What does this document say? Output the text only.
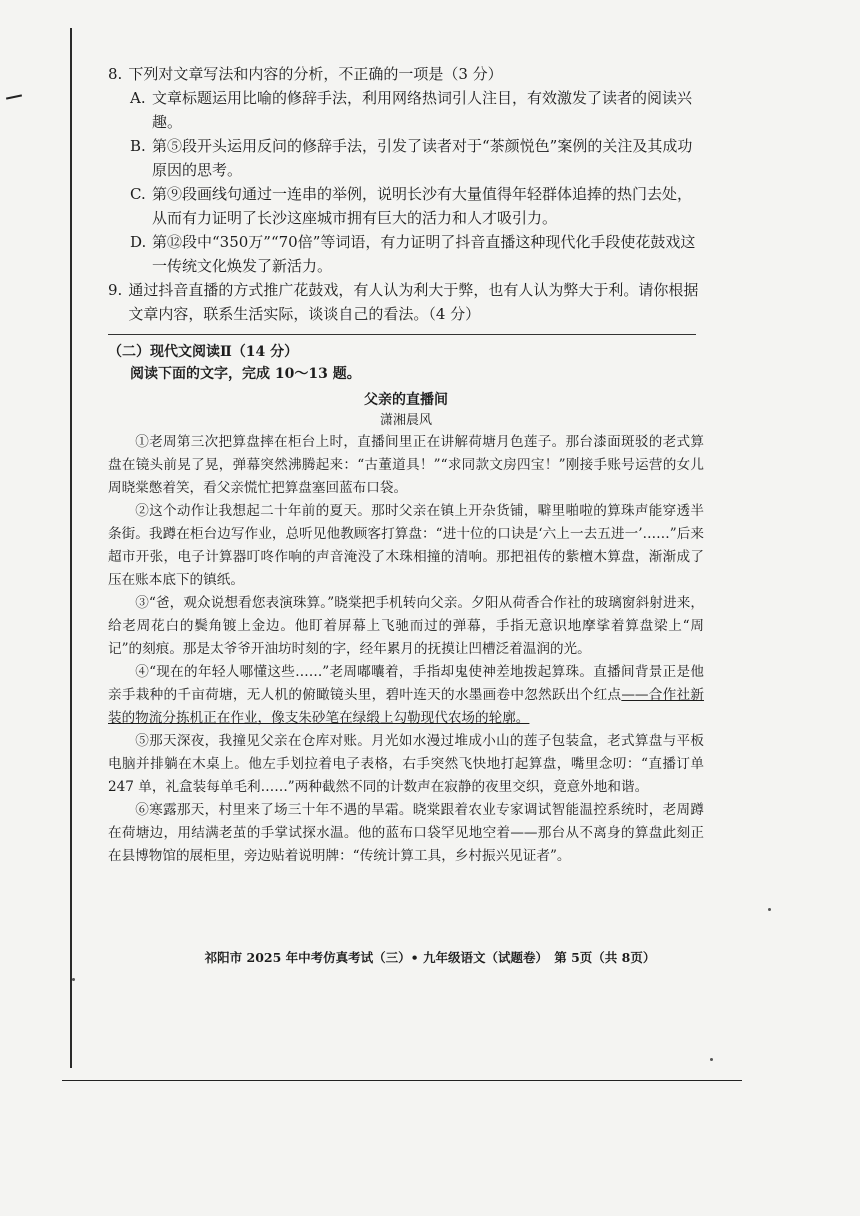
8. 下列对文章写法和内容的分析，不正确的一项是（3 分）
A. 文章标题运用比喻的修辞手法，利用网络热词引人注目，有效激发了读者的阅读兴趣。
B. 第⑤段开头运用反问的修辞手法，引发了读者对于“茶颜悦色”案例的关注及其成功原因的思考。
C. 第⑨段画线句通过一连串的举例，说明长沙有大量值得年轻群体追捧的热门去处，从而有力证明了长沙这座城市拥有巨大的活力和人才吸引力。
D. 第⑫段中“350万”“70倍”等词语，有力证明了抖音直播这种现代化手段使花鼓戏这一传统文化焕发了新活力。
9. 通过抖音直播的方式推广花鼓戏，有人认为利大于弊，也有人认为弊大于利。请你根据文章内容，联系生活实际，谈谈自己的看法。（4 分）
（二）现代文阅读Ⅱ（14 分）
阅读下面的文字，完成 10～13 题。
父亲的直播间
潇湘晨风

①老周第三次把算盘摔在柜台上时，直播间里正在讲解荷塘月色莲子。那台漆面斑驳的老式算盘在镜头前晃了晃，弹幕突然沸腾起来：“古董道具！”“求同款文房四宝！”刚接手账号运营的女儿周晓棠憋着笑，看父亲慌忙把算盘塞回蓝布口袋。

②这个动作让我想起二十年前的夏天。那时父亲在镇上开杂货铺，噼里啪啦的算珠声能穿透半条街。我蹲在柜台边写作业，总听见他教顾客打算盘：“进十位的口诀是‘六上一去五进一’……”后来超市开张，电子计算器叮咚作响的声音淹没了木珠相撞的清响。那把祖传的紫檀木算盘，渐渐成了压在账本底下的镇纸。

③“爸，观众说想看您表演珠算。”晓棠把手机转向父亲。夕阳从荷香合作社的玻璃窗斜射进来，给老周花白的鬓角镀上金边。他盯着屏幕上飞驰而过的弹幕，手指无意识地摩挲着算盘梁上“周记”的刻痕。那是太爷爷开油坊时刻的字，经年累月的抚摸让凹槽泛着温润的光。

④“现在的年轻人哪懂这些……”老周嘟囔着，手指却鬼使神差地拨起算珠。直播间背景正是他亲手栽种的千亩荷塘，无人机的俯瞰镜头里，碧叶连天的水墨画卷中忽然跃出个红点——合作社新装的物流分拣机正在作业，像支朱砂笔在绿缎上勾勒现代农场的轮廓。

⑤那天深夜，我撞见父亲在仓库对账。月光如水漫过堆成小山的莲子包装盒，老式算盘与平板电脑并排躺在木桌上。他左手划拉着电子表格，右手突然飞快地打起算盘，嘴里念叨：“直播订单 247 单，礼盒装每单毛利……”两种截然不同的计数声在寂静的夜里交织，竟意外地和谐。

⑥寒露那天，村里来了场三十年不遇的旱霜。晓棠跟着农业专家调试智能温控系统时，老周蹲在荷塘边，用结满老茧的手掌试探水温。他的蓝布口袋罕见地空着——那台从不离身的算盘此刻正在县博物馆的展柜里，旁边贴着说明牌：“传统计算工具，乡村振兴见证者”。

祁阳市 2025 年中考仿真考试（三）• 九年级语文（试题卷）　第 5页（共 8页）
